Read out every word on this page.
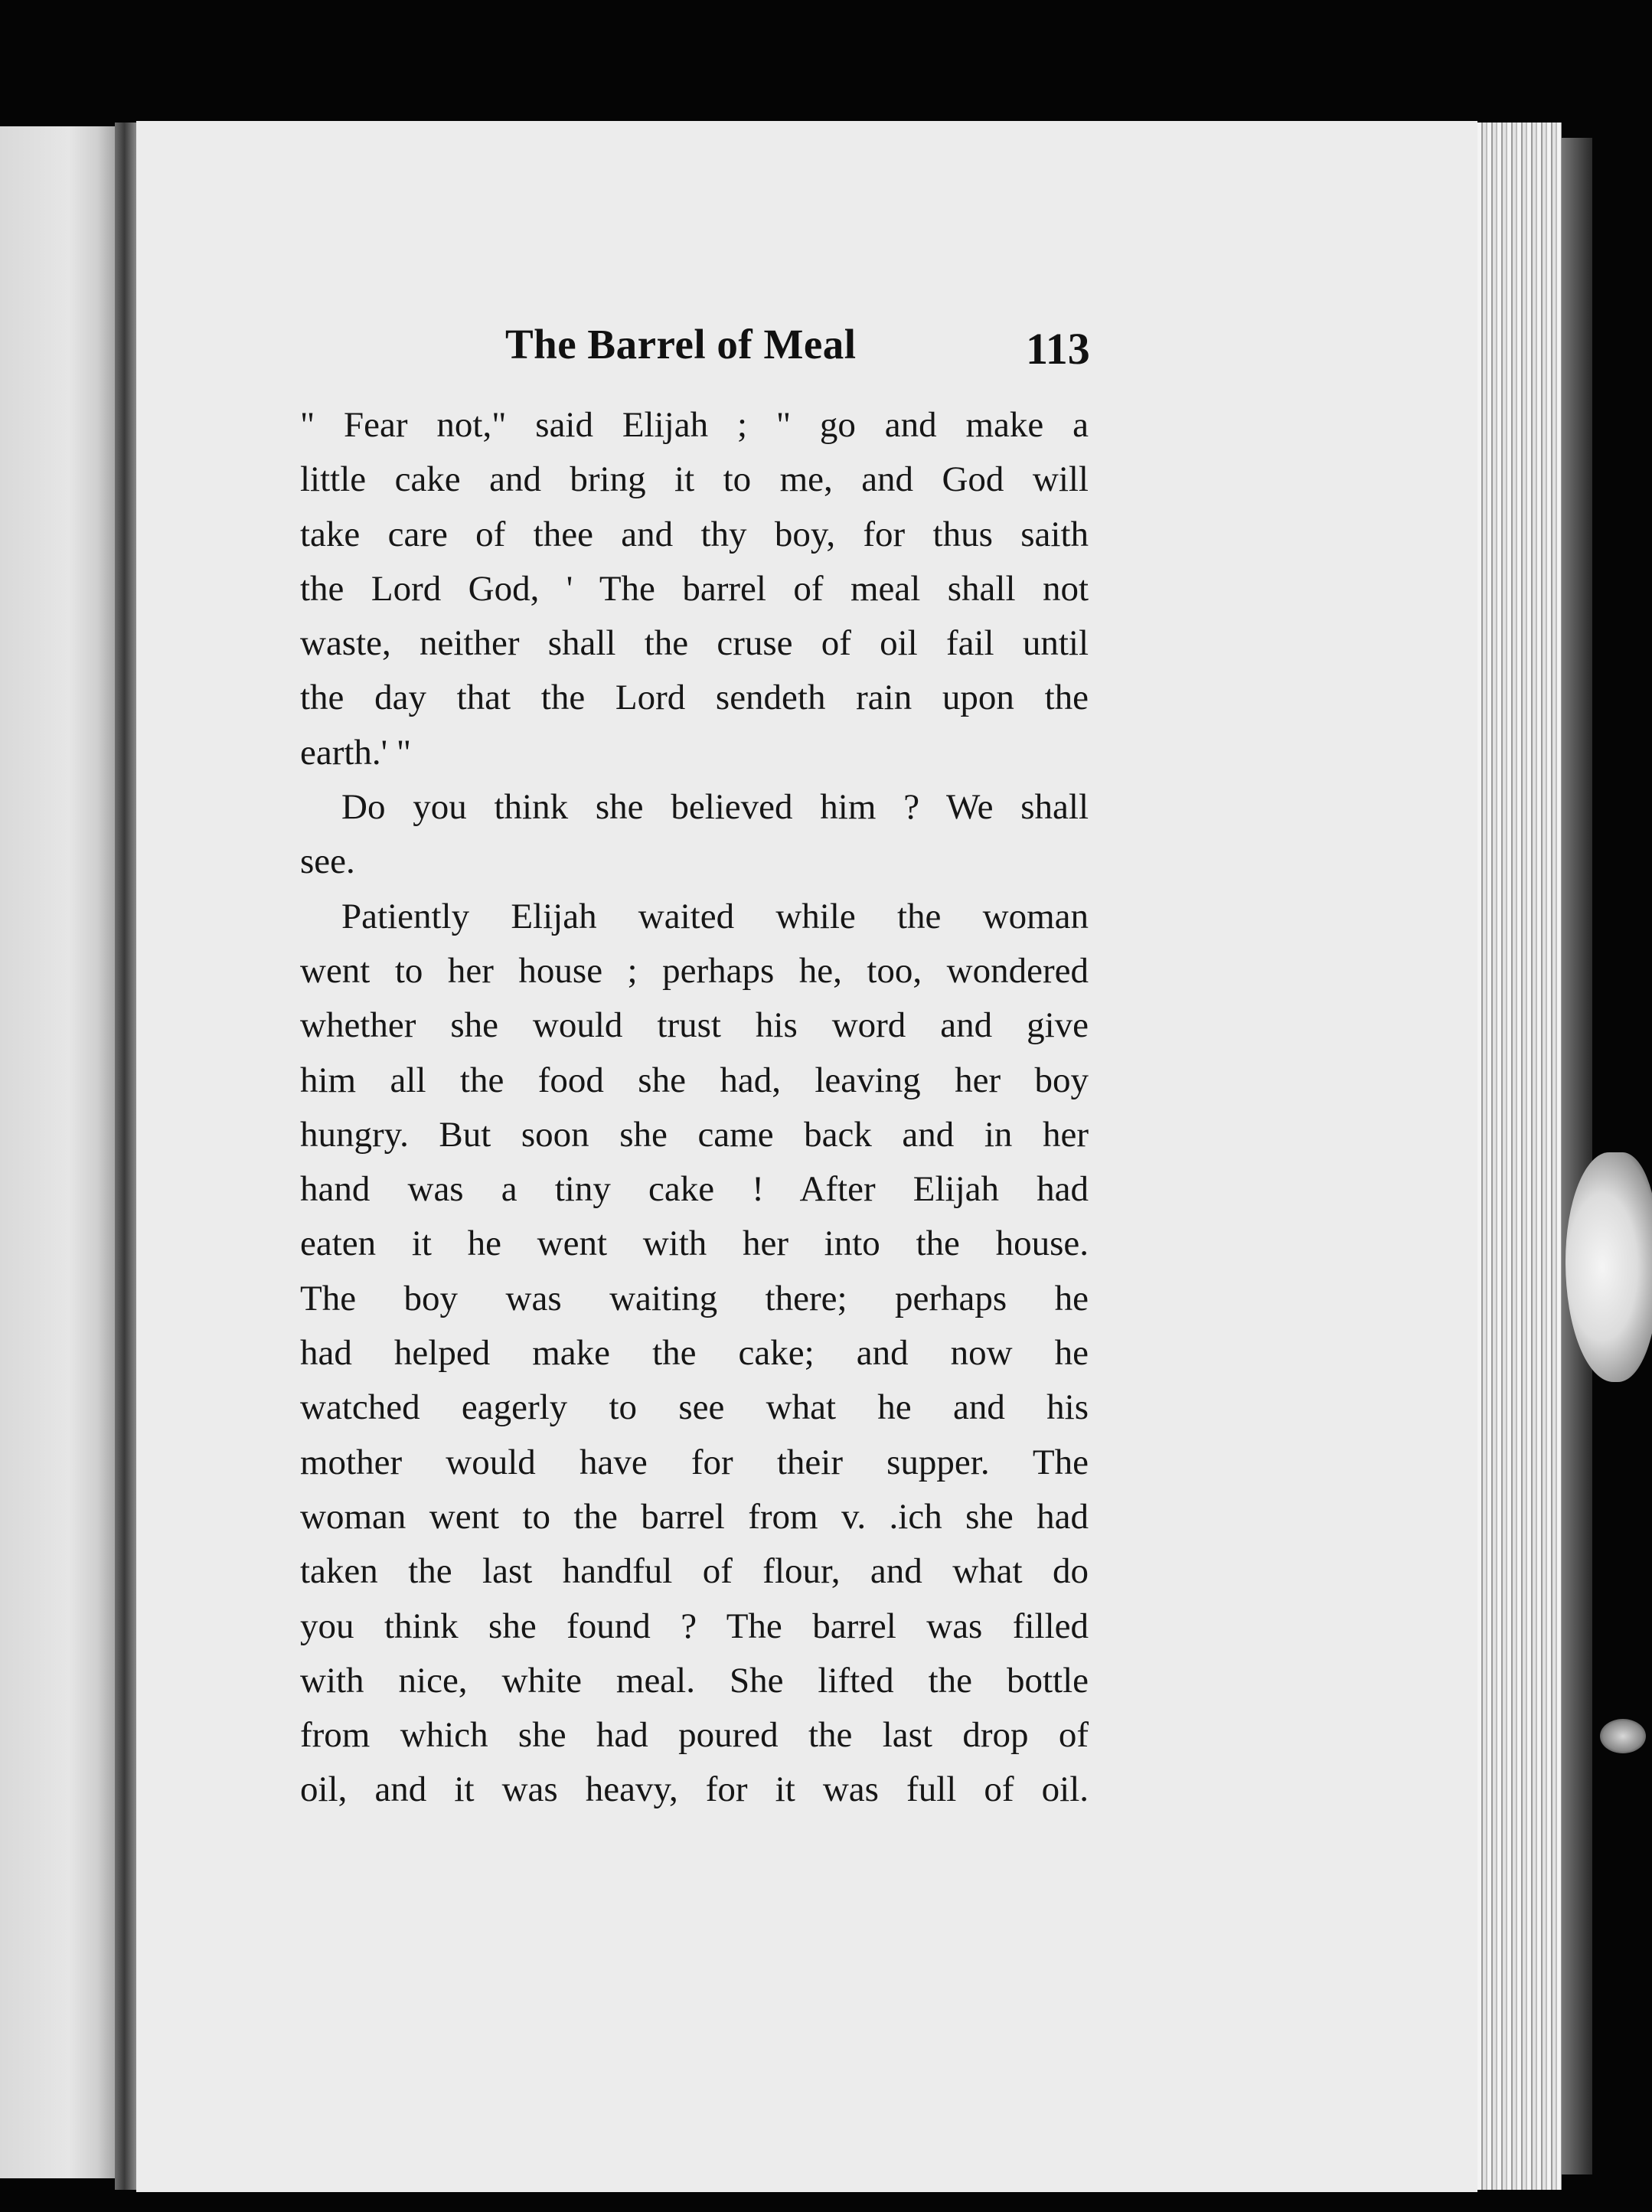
The Barrel of Meal	113
" Fear not," said Elijah ; " go and make a
little cake and bring it to me, and God will
take care of thee and thy boy, for thus saith
the Lord God, ' The barrel of meal shall not
waste, neither shall the cruse of oil fail until
the day that the Lord sendeth rain upon the
earth.' "
Do you think she believed him ? We shall
see.
Patiently Elijah waited while the woman
went to her house ; perhaps he, too, wondered
whether she would trust his word and give
him all the food she had, leaving her boy
hungry. But soon she came back and in her
hand was a tiny cake ! After Elijah had
eaten it he went with her into the house.
The boy was waiting there; perhaps he
had helped make the cake; and now he
watched eagerly to see what he and his
mother would have for their supper. The
woman went to the barrel from v. .ich she had
taken the last handful of flour, and what do
you think she found ? The barrel was filled
with nice, white meal. She lifted the bottle
from which she had poured the last drop of
oil, and it was heavy, for it was full of oil.
